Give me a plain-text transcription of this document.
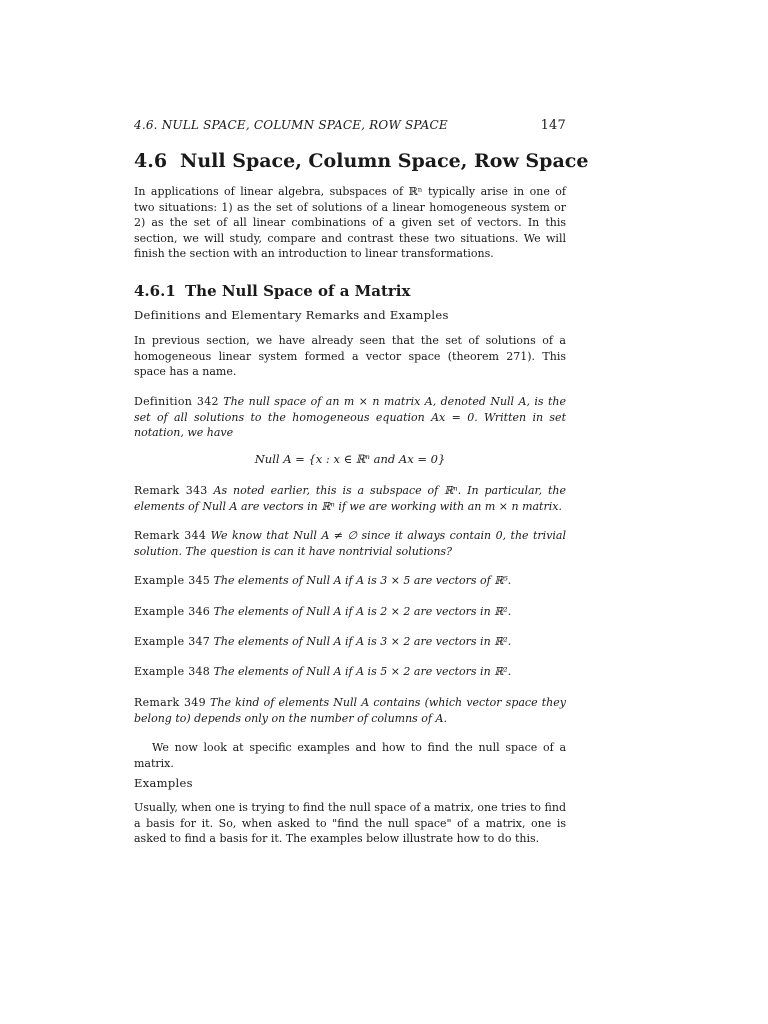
4.6. NULL SPACE, COLUMN SPACE, ROW SPACE	147
4.6 Null Space, Column Space, Row Space
In applications of linear algebra, subspaces of ℝⁿ typically arise in one of two situations: 1) as the set of solutions of a linear homogeneous system or 2) as the set of all linear combinations of a given set of vectors. In this section, we will study, compare and contrast these two situations. We will finish the section with an introduction to linear transformations.
4.6.1 The Null Space of a Matrix
Definitions and Elementary Remarks and Examples
In previous section, we have already seen that the set of solutions of a homogeneous linear system formed a vector space (theorem 271). This space has a name.
Definition 342 The null space of an m × n matrix A, denoted Null A, is the set of all solutions to the homogeneous equation Ax = 0. Written in set notation, we have
Null A = {x : x ∈ ℝⁿ and Ax = 0}
Remark 343 As noted earlier, this is a subspace of ℝⁿ. In particular, the elements of Null A are vectors in ℝⁿ if we are working with an m × n matrix.
Remark 344 We know that Null A ≠ ∅ since it always contain 0, the trivial solution. The question is can it have nontrivial solutions?
Example 345 The elements of Null A if A is 3 × 5 are vectors of ℝ⁵.
Example 346 The elements of Null A if A is 2 × 2 are vectors in ℝ².
Example 347 The elements of Null A if A is 3 × 2 are vectors in ℝ².
Example 348 The elements of Null A if A is 5 × 2 are vectors in ℝ².
Remark 349 The kind of elements Null A contains (which vector space they belong to) depends only on the number of columns of A.
We now look at specific examples and how to find the null space of a matrix.
Examples
Usually, when one is trying to find the null space of a matrix, one tries to find a basis for it. So, when asked to "find the null space" of a matrix, one is asked to find a basis for it. The examples below illustrate how to do this.
